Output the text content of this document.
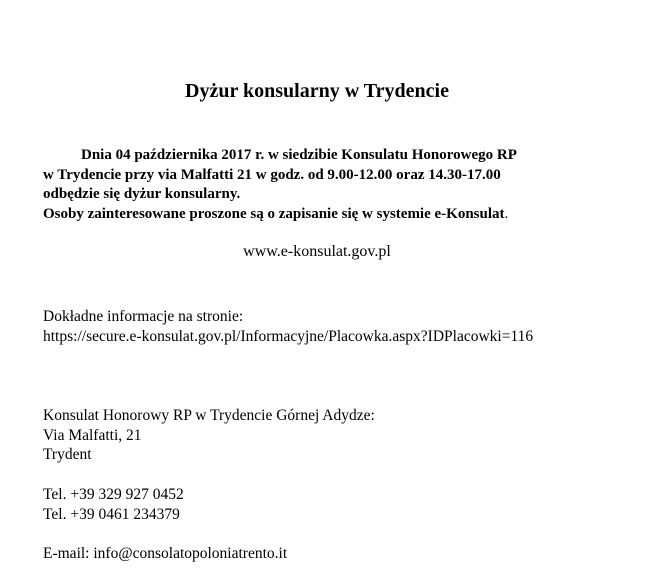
Dyżur konsularny w Trydencie
Dnia 04 października 2017 r. w siedzibie Konsulatu Honorowego RP
w Trydencie przy via Malfatti 21 w godz. od 9.00-12.00 oraz 14.30-17.00
odbędzie się dyżur konsularny.
Osoby zainteresowane proszone są o zapisanie się w systemie e-Konsulat.
www.e-konsulat.gov.pl
Dokładne informacje na stronie:
https://secure.e-konsulat.gov.pl/Informacyjne/Placowka.aspx?IDPlacowki=116
Konsulat Honorowy RP w Trydencie Górnej Adydze:
Via Malfatti, 21
Trydent
Tel. +39 329 927 0452
Tel. +39 0461 234379
E-mail: info@consolatopoloniatrento.it
